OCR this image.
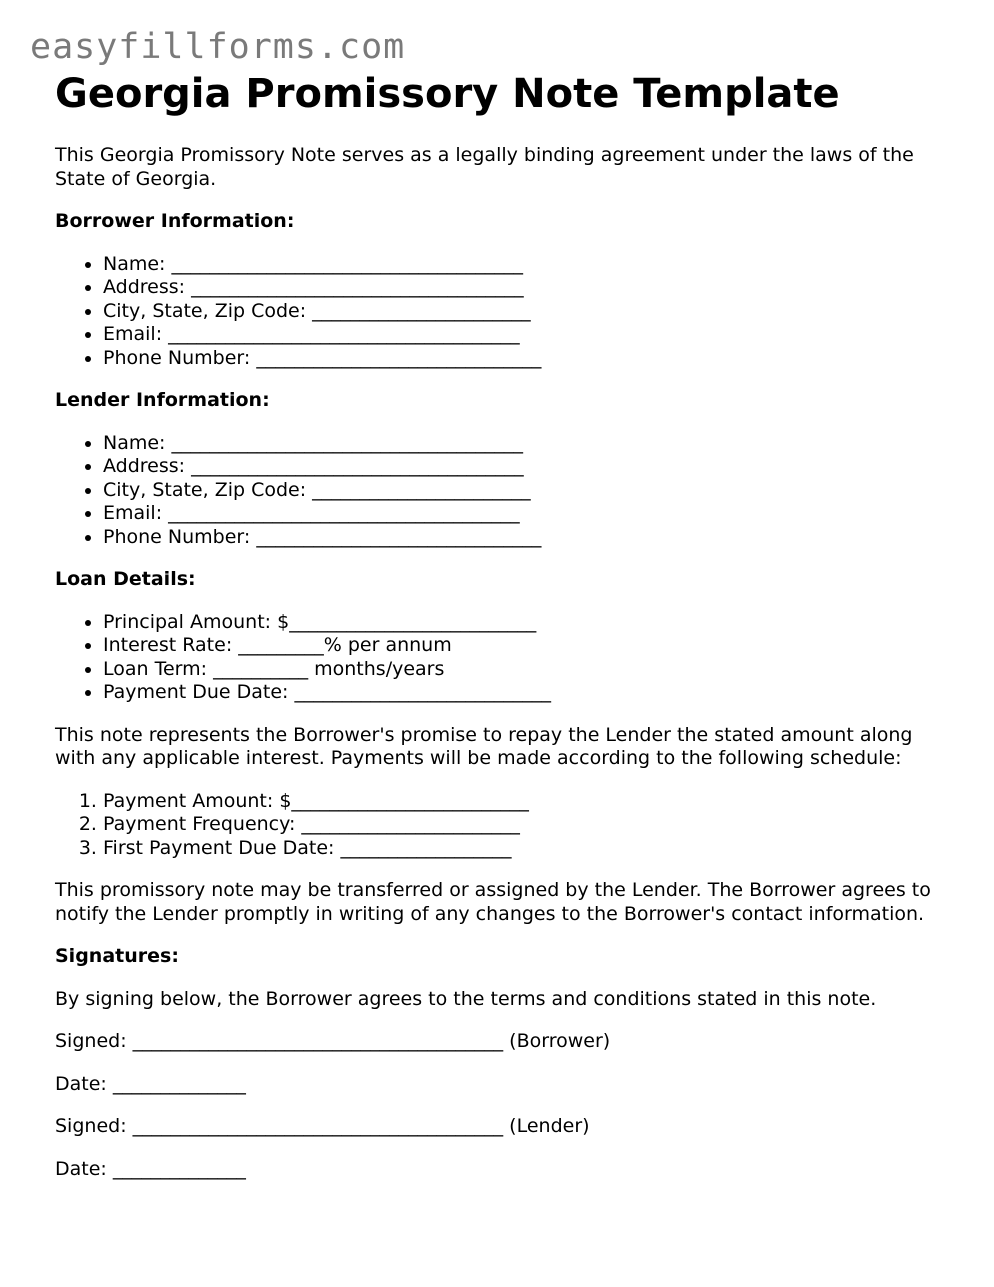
easyfillforms.com
Georgia Promissory Note Template

This Georgia Promissory Note serves as a legally binding agreement under the laws of the State of Georgia.

Borrower Information:
• Name: _____________________________________
• Address: ___________________________________
• City, State, Zip Code: _______________________
• Email: _____________________________________
• Phone Number: ______________________________
Lender Information:
• Name: _____________________________________
• Address: ___________________________________
• City, State, Zip Code: _______________________
• Email: _____________________________________
• Phone Number: ______________________________
Loan Details:
• Principal Amount: $__________________________
• Interest Rate: _________% per annum
• Loan Term: __________ months/years
• Payment Due Date: ___________________________

This note represents the Borrower's promise to repay the Lender the stated amount along with any applicable interest. Payments will be made according to the following schedule:

1. Payment Amount: $_________________________
2. Payment Frequency: _______________________
3. First Payment Due Date: __________________

This promissory note may be transferred or assigned by the Lender. The Borrower agrees to notify the Lender promptly in writing of any changes to the Borrower's contact information.

Signatures:

By signing below, the Borrower agrees to the terms and conditions stated in this note.

Signed: _______________________________________ (Borrower)
Date: ______________
Signed: _______________________________________ (Lender)
Date: ______________
